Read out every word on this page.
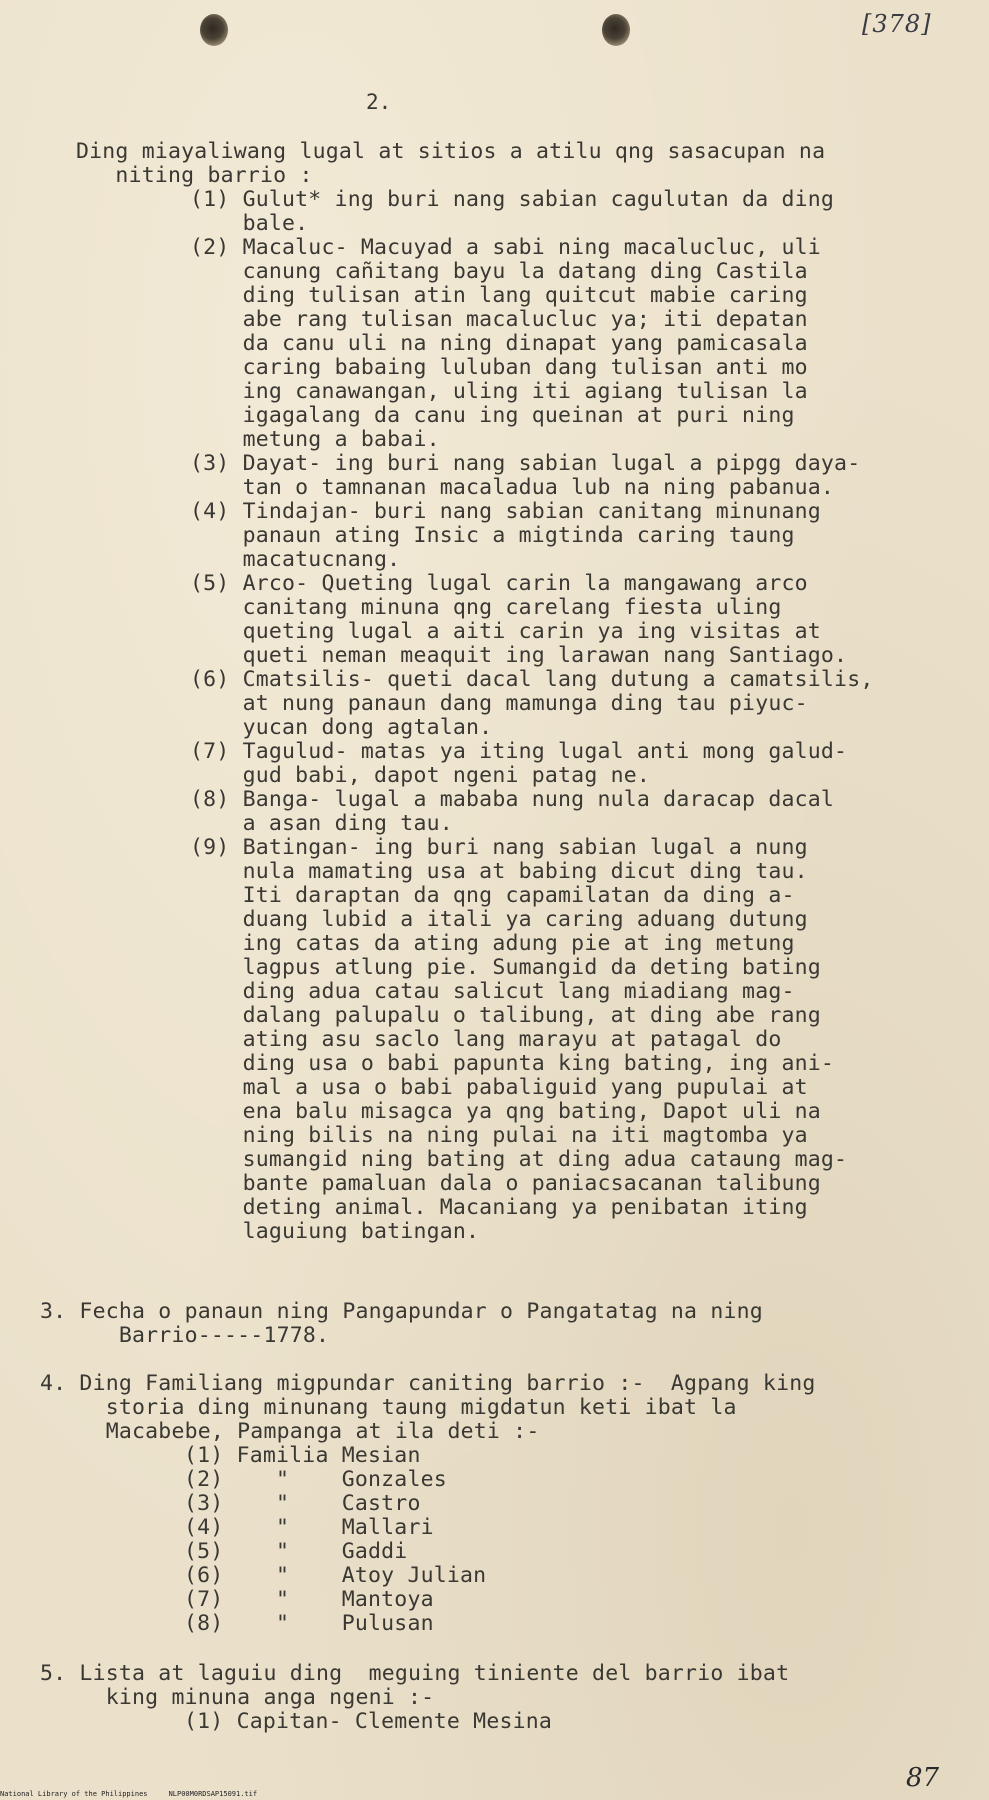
[378]
2.
Ding miayaliwang lugal at sitios a atilu qng sasacupan na
niting barrio :
(1) Gulut* ing buri nang sabian cagulutan da ding
bale.
(2) Macaluc- Macuyad a sabi ning macalucluc, uli
canung cañitang bayu la datang ding Castila
ding tulisan atin lang quitcut mabie caring
abe rang tulisan macalucluc ya; iti depatan
da canu uli na ning dinapat yang pamicasala
caring babaing luluban dang tulisan anti mo
ing canawangan, uling iti agiang tulisan la
igagalang da canu ing queinan at puri ning
metung a babai.
(3) Dayat- ing buri nang sabian lugal a pipgg daya-
tan o tamnanan macaladua lub na ning pabanua.
(4) Tindajan- buri nang sabian canitang minunang
panaun ating Insic a migtinda caring taung
macatucnang.
(5) Arco- Queting lugal carin la mangawang arco
canitang minuna qng carelang fiesta uling
queting lugal a aiti carin ya ing visitas at
queti neman meaquit ing larawan nang Santiago.
(6) Cmatsilis- queti dacal lang dutung a camatsilis,
at nung panaun dang mamunga ding tau piyuc-
yucan dong agtalan.
(7) Tagulud- matas ya iting lugal anti mong galud-
gud babi, dapot ngeni patag ne.
(8) Banga- lugal a mababa nung nula daracap dacal
a asan ding tau.
(9) Batingan- ing buri nang sabian lugal a nung
nula mamating usa at babing dicut ding tau.
Iti daraptan da qng capamilatan da ding a-
duang lubid a itali ya caring aduang dutung
ing catas da ating adung pie at ing metung
lagpus atlung pie. Sumangid da deting bating
ding adua catau salicut lang miadiang mag-
dalang palupalu o talibung, at ding abe rang
ating asu saclo lang marayu at patagal do
ding usa o babi papunta king bating, ing ani-
mal a usa o babi pabaliguid yang pupulai at
ena balu misagca ya qng bating, Dapot uli na
ning bilis na ning pulai na iti magtomba ya
sumangid ning bating at ding adua cataung mag-
bante pamaluan dala o paniacsacanan talibung
deting animal. Macaniang ya penibatan iting
laguiung batingan.
3. Fecha o panaun ning Pangapundar o Pangatatag na ning
Barrio-----1778.
4. Ding Familiang migpundar caniting barrio :-  Agpang king
storia ding minunang taung migdatun keti ibat la
Macabebe, Pampanga at ila deti :-
(1) Familia Mesian
(2)    "    Gonzales
(3)    "    Castro
(4)    "    Mallari
(5)    "    Gaddi
(6)    "    Atoy Julian
(7)    "    Mantoya
(8)    "    Pulusan
5. Lista at laguiu ding  meguing tiniente del barrio ibat
king minuna anga ngeni :-
(1) Capitan- Clemente Mesina
87
National Library of the Philippines     NLP00M0RDSAP15091.tif
